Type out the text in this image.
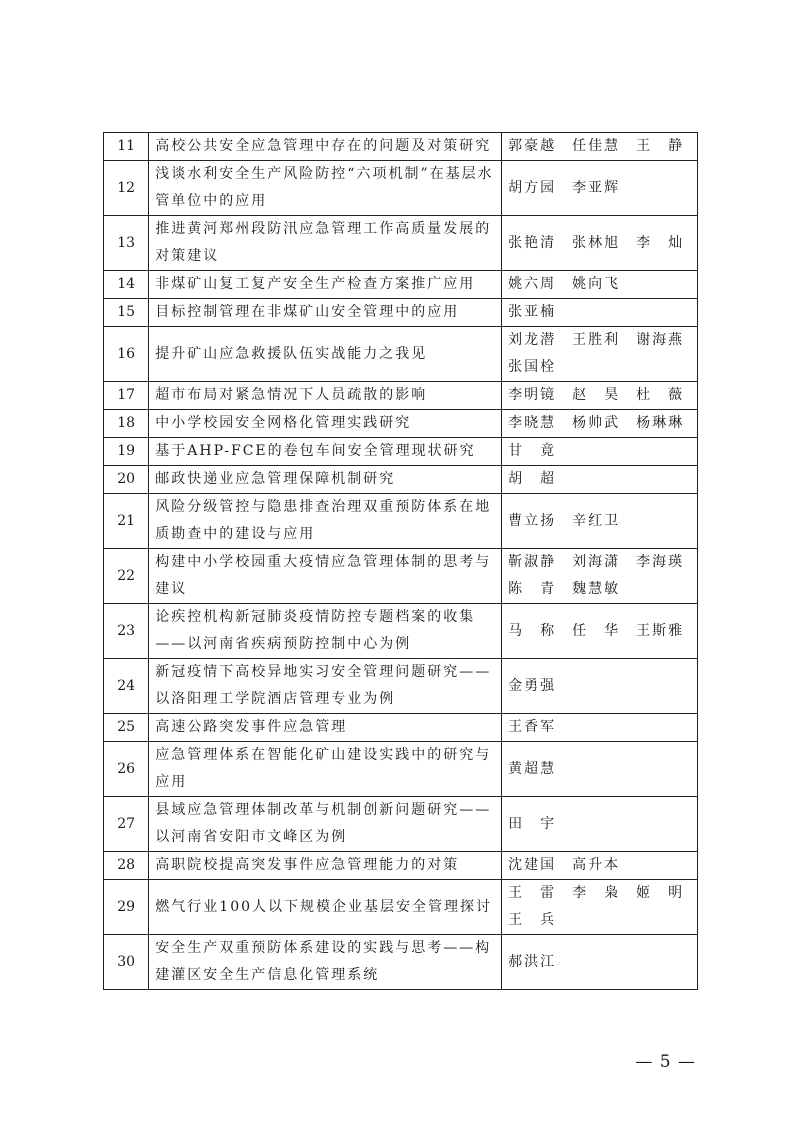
11	高校公共安全应急管理中存在的问题及对策研究	郭豪越　任佳慧　王　静
12	浅谈水利安全生产风险防控“六项机制”在基层水管单位中的应用	胡方园　李亚辉
13	推进黄河郑州段防汛应急管理工作高质量发展的对策建议	张艳清　张林旭　李　灿
14	非煤矿山复工复产安全生产检查方案推广应用	姚六周　姚向飞
15	目标控制管理在非煤矿山安全管理中的应用	张亚楠
16	提升矿山应急救援队伍实战能力之我见	刘龙潜　王胜利　谢海燕　张国栓
17	超市布局对紧急情况下人员疏散的影响	李明镜　赵　昊　杜　薇
18	中小学校园安全网格化管理实践研究	李晓慧　杨帅武　杨琳琳
19	基于AHP-FCE的卷包车间安全管理现状研究	甘　竟
20	邮政快递业应急管理保障机制研究	胡　超
21	风险分级管控与隐患排查治理双重预防体系在地质勘查中的建设与应用	曹立扬　辛红卫
22	构建中小学校园重大疫情应急管理体制的思考与建议	靳淑静　刘海潇　李海瑛　陈　青　魏慧敏
23	论疾控机构新冠肺炎疫情防控专题档案的收集——以河南省疾病预防控制中心为例	马　称　任　华　王斯雅
24	新冠疫情下高校异地实习安全管理问题研究——以洛阳理工学院酒店管理专业为例	金勇强
25	高速公路突发事件应急管理	王香军
26	应急管理体系在智能化矿山建设实践中的研究与应用	黄超慧
27	县域应急管理体制改革与机制创新问题研究——以河南省安阳市文峰区为例	田　宇
28	高职院校提高突发事件应急管理能力的对策	沈建国　高升本
29	燃气行业100人以下规模企业基层安全管理探讨	王　雷　李　枭　姬　明　王　兵
30	安全生产双重预防体系建设的实践与思考——构建灌区安全生产信息化管理系统	郝洪江
— 5 —
